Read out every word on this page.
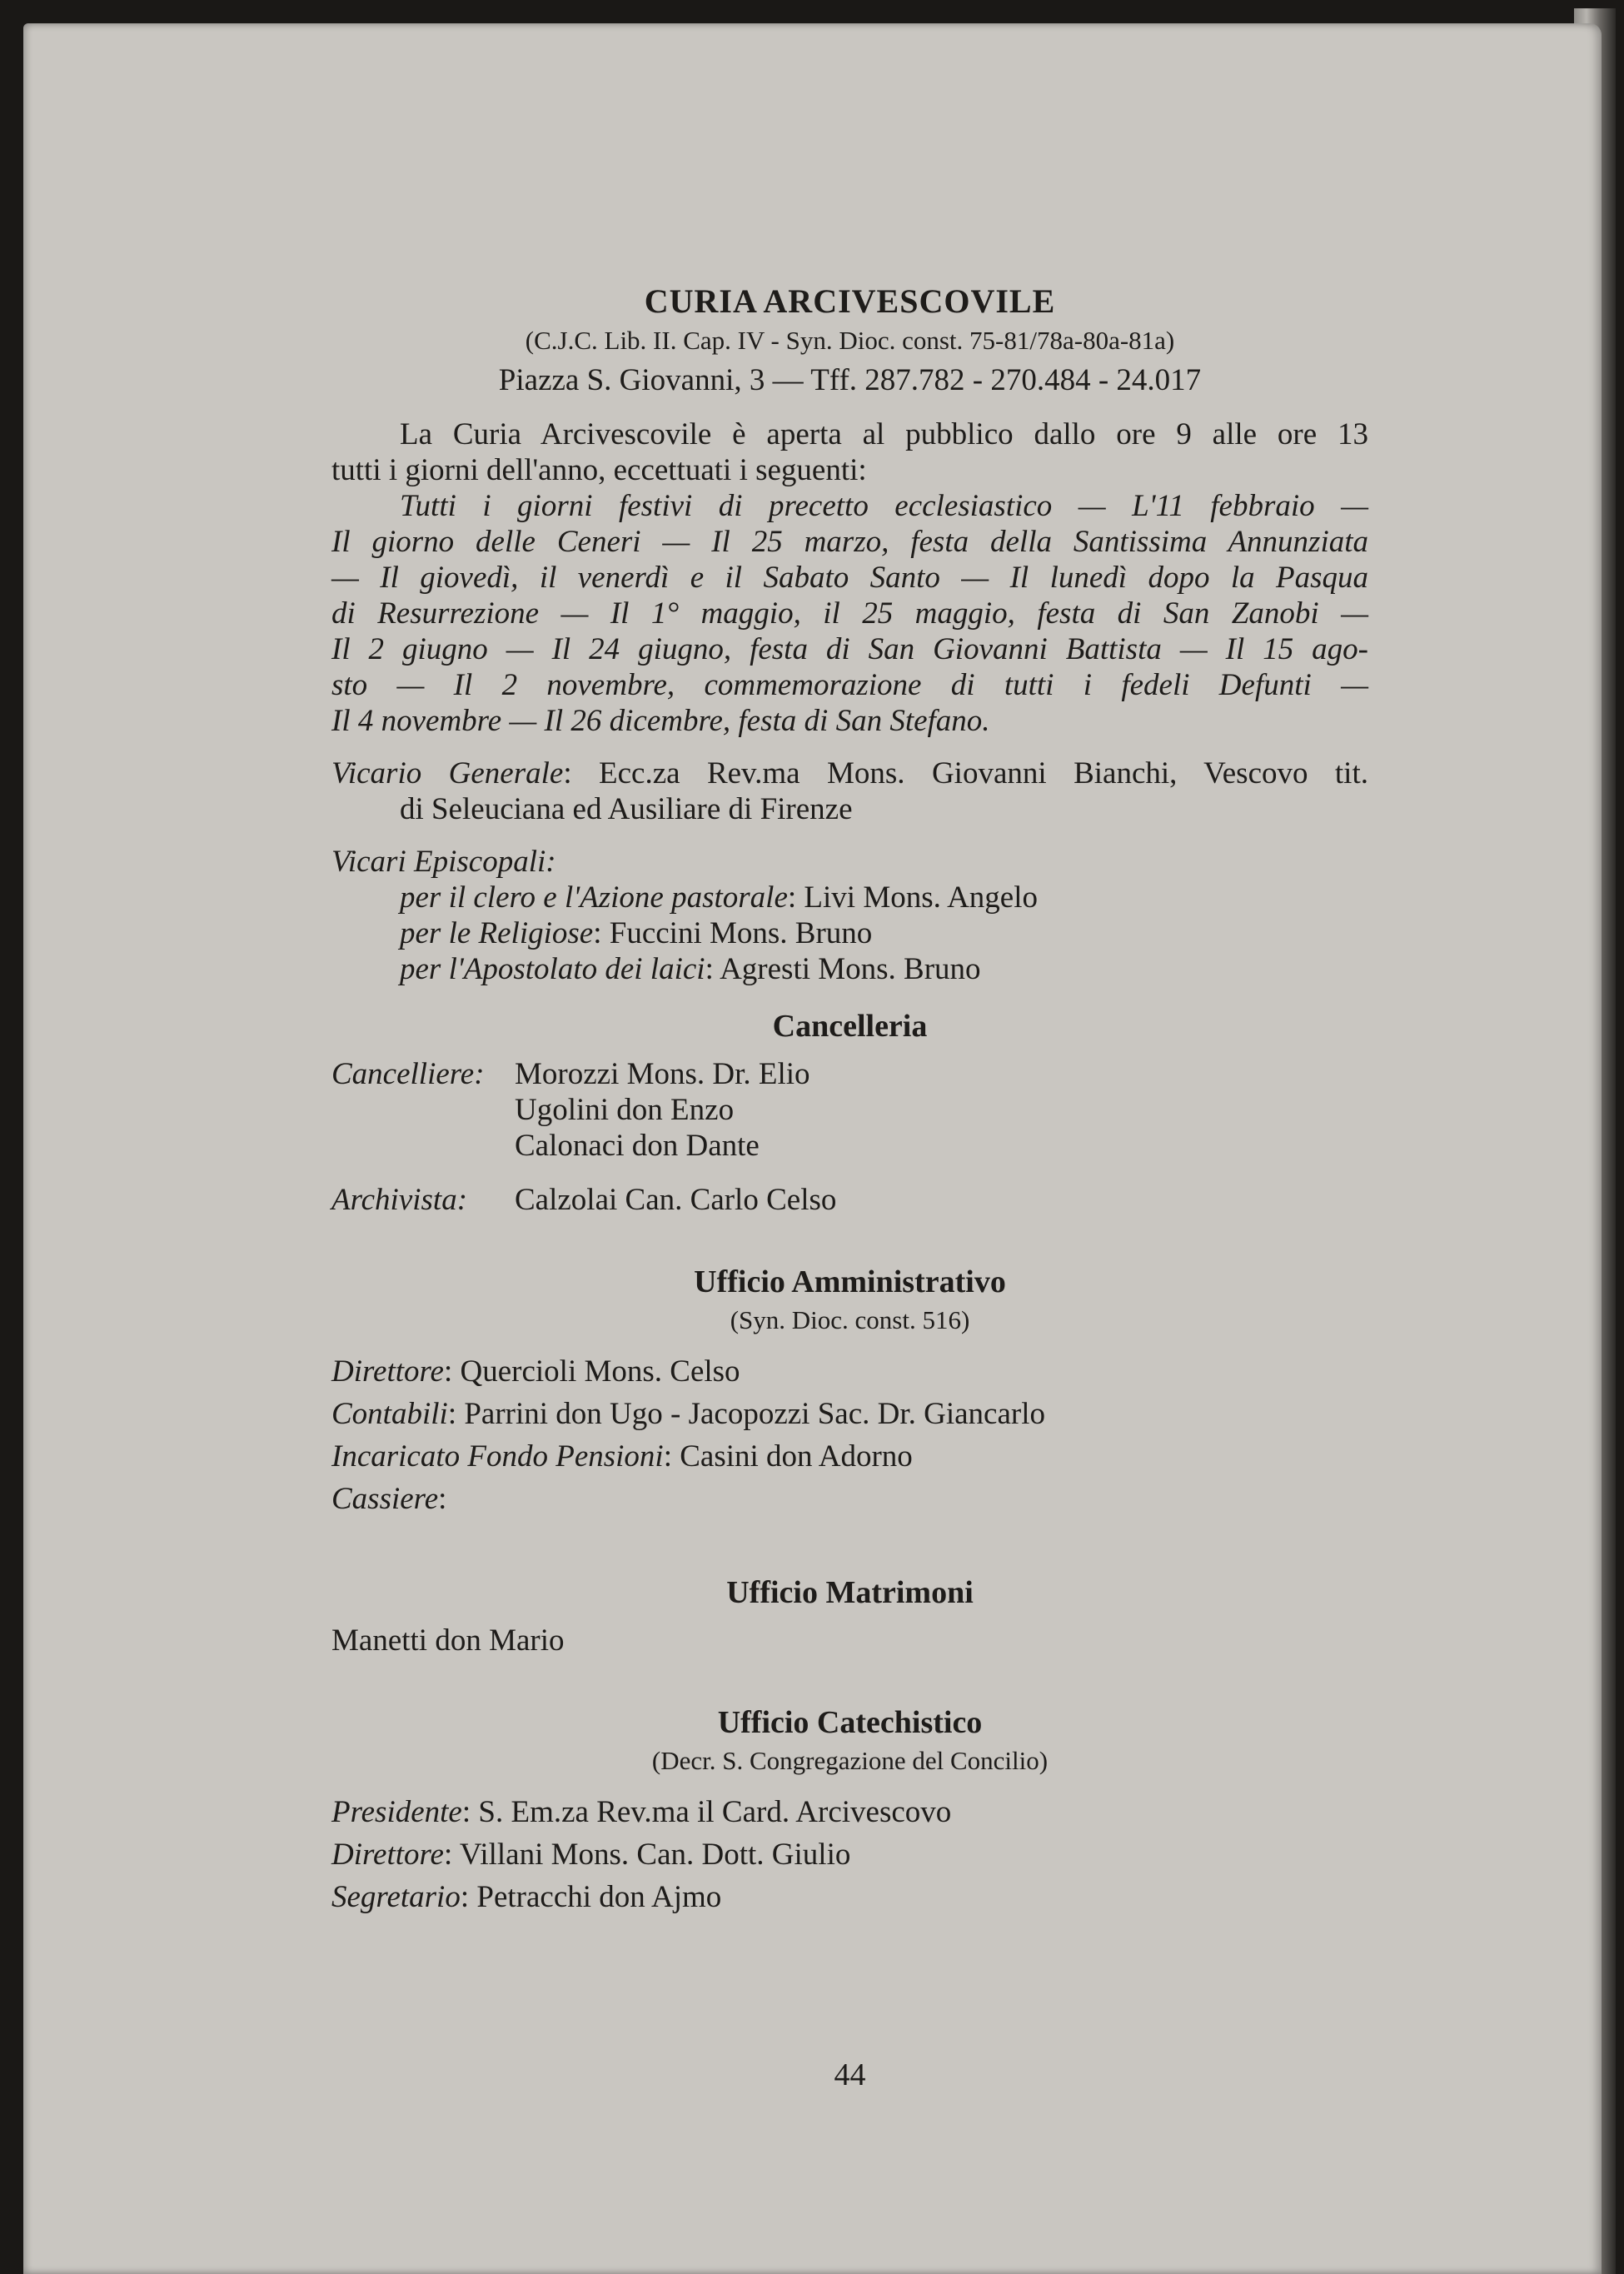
CURIA ARCIVESCOVILE
(C.J.C. Lib. II. Cap. IV - Syn. Dioc. const. 75-81/78a-80a-81a)
Piazza S. Giovanni, 3 — Tff. 287.782 - 270.484 - 24.017

La Curia Arcivescovile è aperta al pubblico dallo ore 9 alle ore 13

tutti i giorni dell'anno, eccettuati i seguenti:

Tutti i giorni festivi di precetto ecclesiastico — L'11 febbraio —
Il giorno delle Ceneri — Il 25 marzo, festa della Santissima Annunziata
— Il giovedì, il venerdì e il Sabato Santo — Il lunedì dopo la Pasqua
di Resurrezione — Il 1° maggio, il 25 maggio, festa di San Zanobi —
Il 2 giugno — Il 24 giugno, festa di San Giovanni Battista — Il 15 ago-
sto — Il 2 novembre, commemorazione di tutti i fedeli Defunti —
Il 4 novembre — Il 26 dicembre, festa di San Stefano.
Vicario Generale: Ecc.za Rev.ma Mons. Giovanni Bianchi, Vescovo tit.
di Seleuciana ed Ausiliare di Firenze
Vicari Episcopali:
per il clero e l'Azione pastorale: Livi Mons. Angelo
per le Religiose: Fuccini Mons. Bruno
per l'Apostolato dei laici: Agresti Mons. Bruno
Cancelleria
Cancelliere: Morozzi Mons. Dr. Elio
Ugolini don Enzo
Calonaci don Dante
Archivista:	Calzolai Can. Carlo Celso
Ufficio Amministrativo
(Syn. Dioc. const. 516)
Direttore: Quercioli Mons. Celso
Contabili: Parrini don Ugo - Jacopozzi Sac. Dr. Giancarlo
Incaricato Fondo Pensioni: Casini don Adorno
Cassiere:
Ufficio Matrimoni
Manetti don Mario
Ufficio Catechistico
(Decr. S. Congregazione del Concilio)
Presidente: S. Em.za Rev.ma il Card. Arcivescovo
Direttore: Villani Mons. Can. Dott. Giulio
Segretario: Petracchi don Ajmo
44
